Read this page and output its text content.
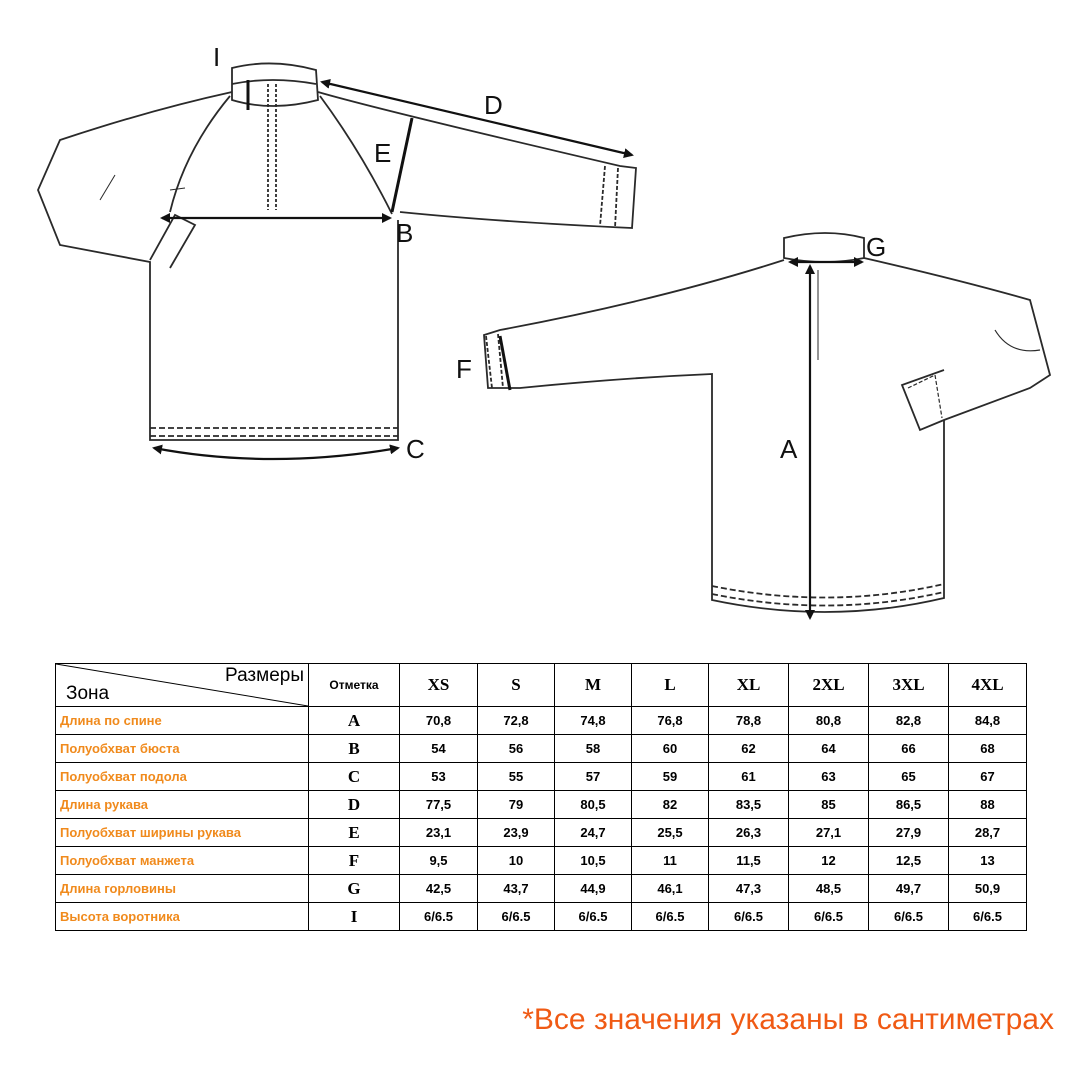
I
D
E
B
C
G
F
A
Размеры
Зона	Отметка	XS	S	M	L	XL	2XL	3XL	4XL
Длина по спине	A	70,8	72,8	74,8	76,8	78,8	80,8	82,8	84,8
Полуобхват бюста	B	54	56	58	60	62	64	66	68
Полуобхват подола	C	53	55	57	59	61	63	65	67
Длина рукава	D	77,5	79	80,5	82	83,5	85	86,5	88
Полуобхват ширины рукава	E	23,1	23,9	24,7	25,5	26,3	27,1	27,9	28,7
Полуобхват манжета	F	9,5	10	10,5	11	11,5	12	12,5	13
Длина горловины	G	42,5	43,7	44,9	46,1	47,3	48,5	49,7	50,9
Высота воротника	I	6/6.5	6/6.5	6/6.5	6/6.5	6/6.5	6/6.5	6/6.5	6/6.5
*Все значения указаны в сантиметрах
